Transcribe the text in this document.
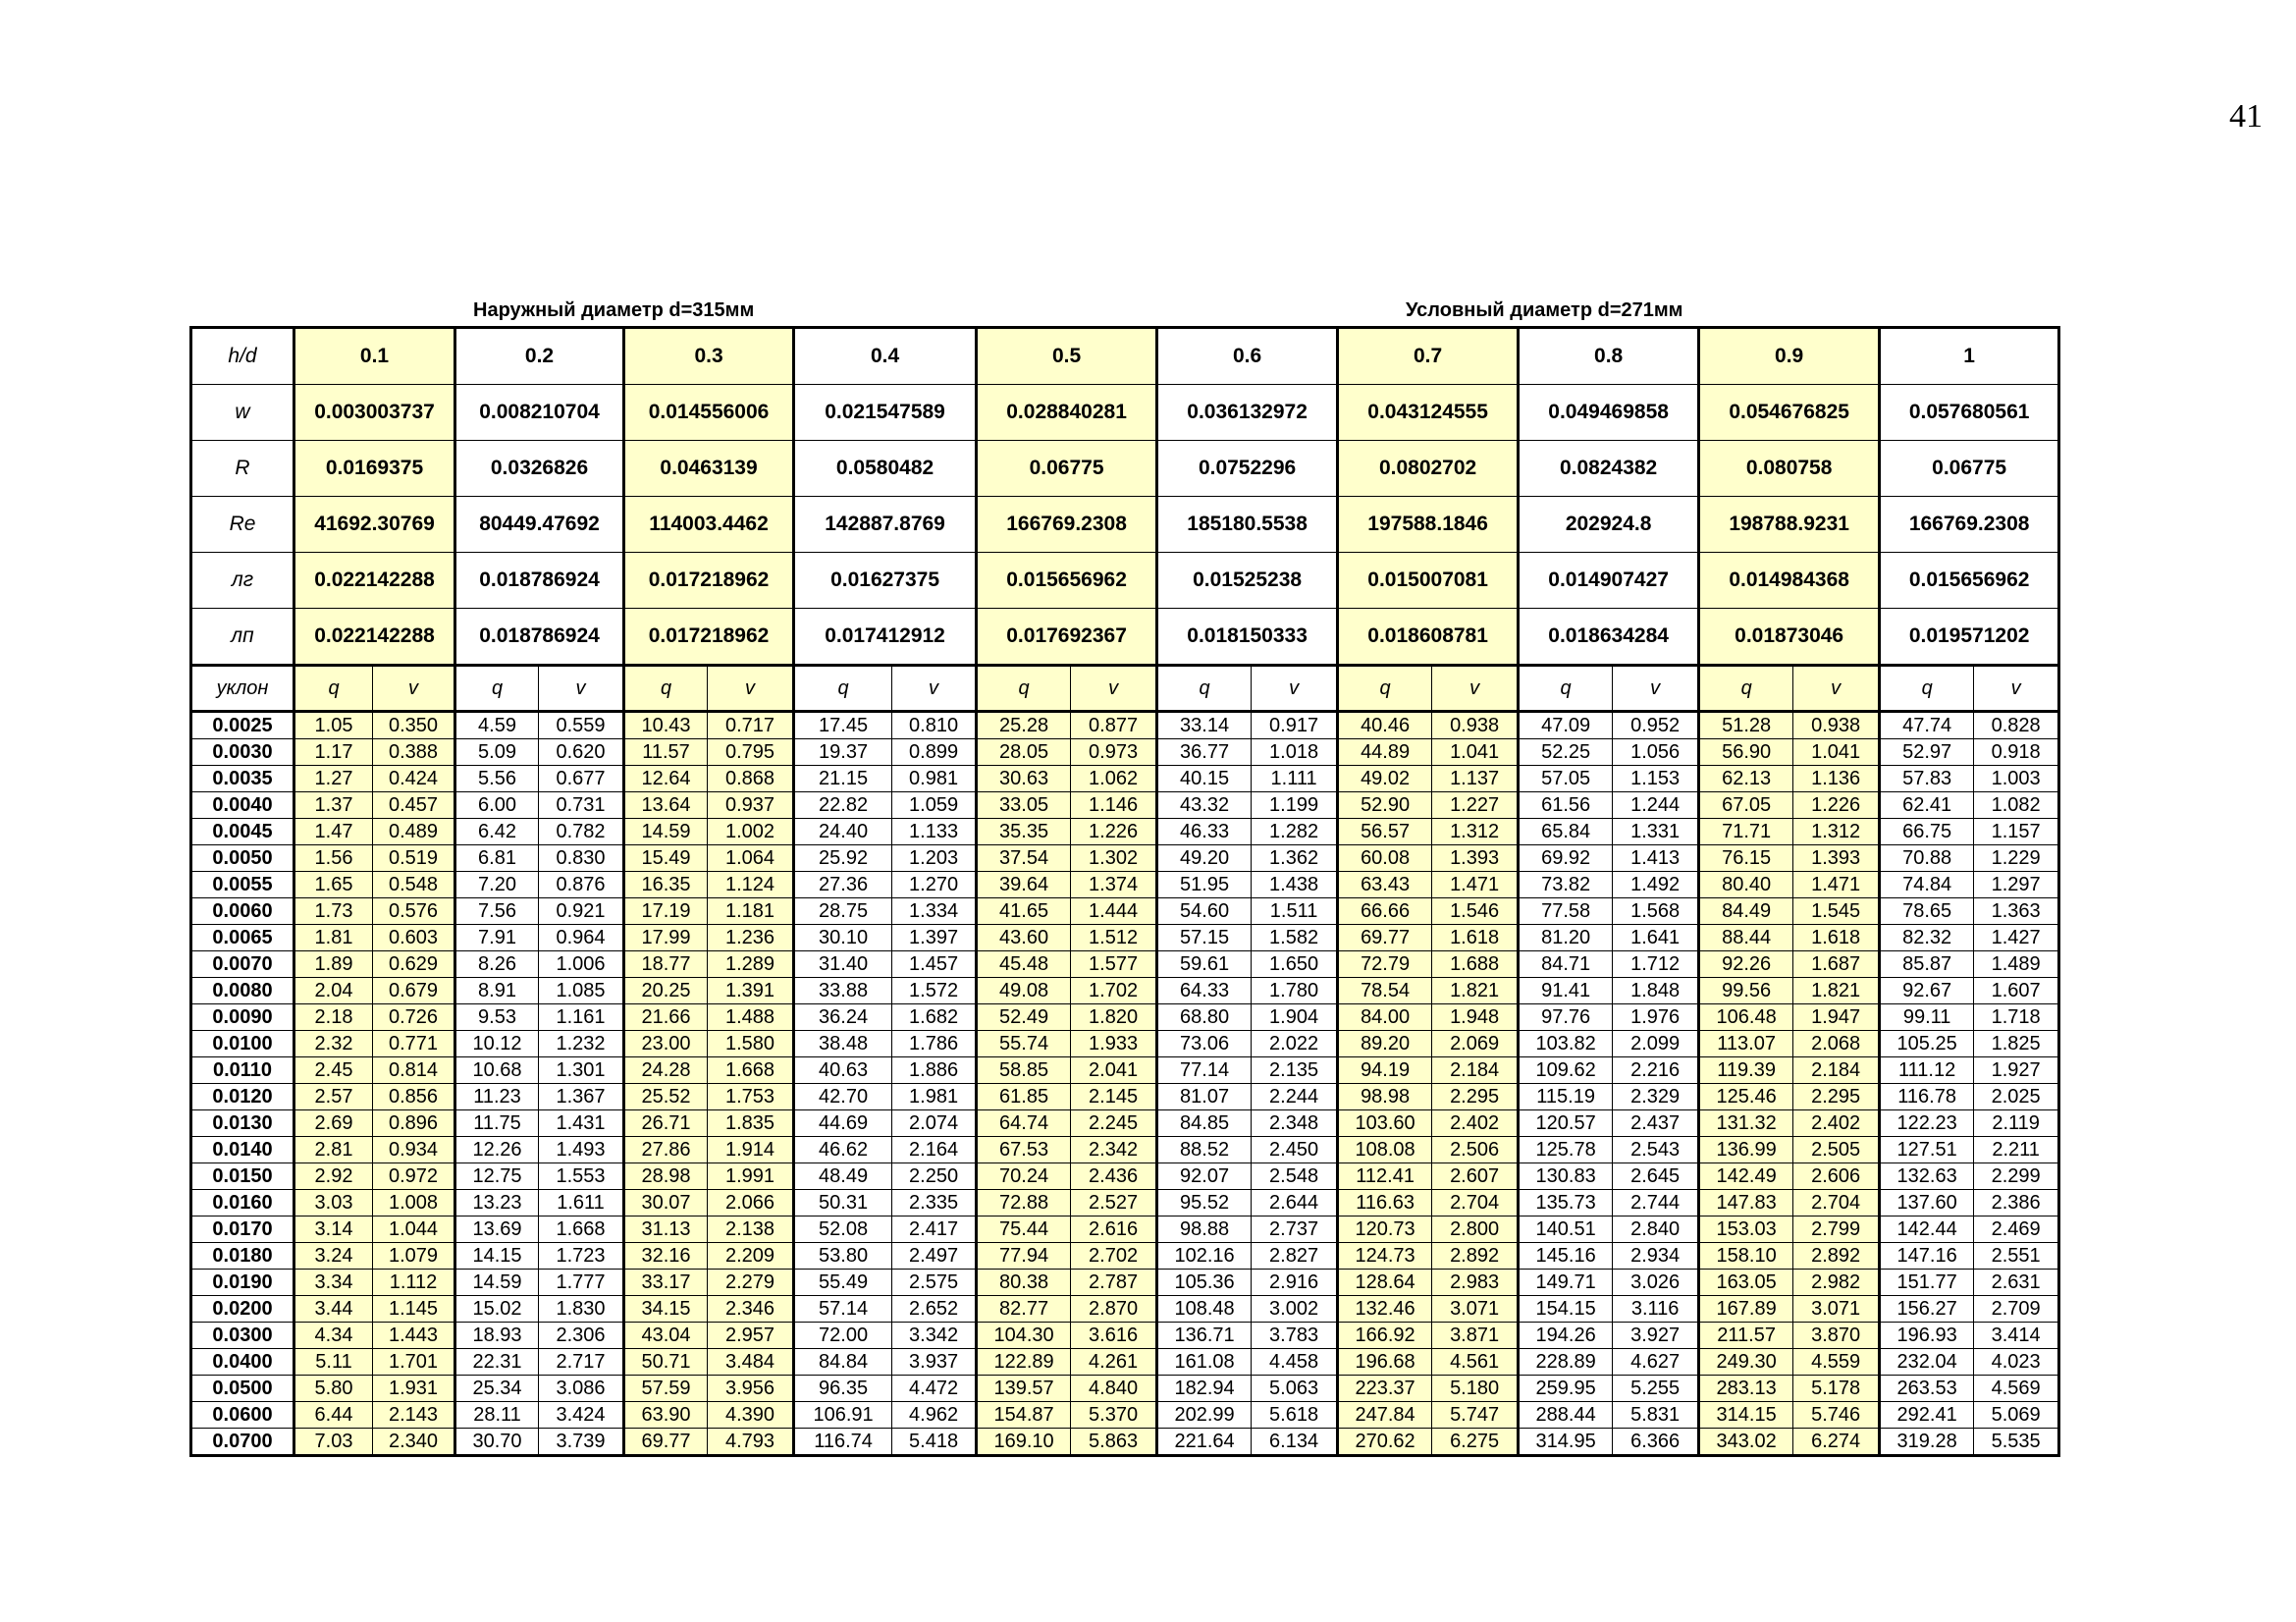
41
Наружный диаметр d=315мм	Условный диаметр d=271мм
h/d	0.1		0.2		0.3		0.4		0.5		0.6		0.7		0.8		0.9		1	
w	0.003003737		0.008210704		0.014556006		0.021547589		0.028840281		0.036132972		0.043124555		0.049469858		0.054676825		0.057680561	
R	0.0169375		0.0326826		0.0463139		0.0580482		0.06775		0.0752296		0.0802702		0.0824382		0.080758		0.06775	
Re	41692.30769		80449.47692		114003.4462		142887.8769		166769.2308		185180.5538		197588.1846		202924.8		198788.9231		166769.2308	
лг	0.022142288		0.018786924		0.017218962		0.01627375		0.015656962		0.01525238		0.015007081		0.014907427		0.014984368		0.015656962	
лп	0.022142288		0.018786924		0.017218962		0.017412912		0.017692367		0.018150333		0.018608781		0.018634284		0.01873046		0.019571202	
уклон	q	v	q	v	q	v	q	v	q	v	q	v	q	v	q	v	q	v	q	v
0.0025	1.05	0.350	4.59	0.559	10.43	0.717	17.45	0.810	25.28	0.877	33.14	0.917	40.46	0.938	47.09	0.952	51.28	0.938	47.74	0.828
0.0030	1.17	0.388	5.09	0.620	11.57	0.795	19.37	0.899	28.05	0.973	36.77	1.018	44.89	1.041	52.25	1.056	56.90	1.041	52.97	0.918
0.0035	1.27	0.424	5.56	0.677	12.64	0.868	21.15	0.981	30.63	1.062	40.15	1.111	49.02	1.137	57.05	1.153	62.13	1.136	57.83	1.003
0.0040	1.37	0.457	6.00	0.731	13.64	0.937	22.82	1.059	33.05	1.146	43.32	1.199	52.90	1.227	61.56	1.244	67.05	1.226	62.41	1.082
0.0045	1.47	0.489	6.42	0.782	14.59	1.002	24.40	1.133	35.35	1.226	46.33	1.282	56.57	1.312	65.84	1.331	71.71	1.312	66.75	1.157
0.0050	1.56	0.519	6.81	0.830	15.49	1.064	25.92	1.203	37.54	1.302	49.20	1.362	60.08	1.393	69.92	1.413	76.15	1.393	70.88	1.229
0.0055	1.65	0.548	7.20	0.876	16.35	1.124	27.36	1.270	39.64	1.374	51.95	1.438	63.43	1.471	73.82	1.492	80.40	1.471	74.84	1.297
0.0060	1.73	0.576	7.56	0.921	17.19	1.181	28.75	1.334	41.65	1.444	54.60	1.511	66.66	1.546	77.58	1.568	84.49	1.545	78.65	1.363
0.0065	1.81	0.603	7.91	0.964	17.99	1.236	30.10	1.397	43.60	1.512	57.15	1.582	69.77	1.618	81.20	1.641	88.44	1.618	82.32	1.427
0.0070	1.89	0.629	8.26	1.006	18.77	1.289	31.40	1.457	45.48	1.577	59.61	1.650	72.79	1.688	84.71	1.712	92.26	1.687	85.87	1.489
0.0080	2.04	0.679	8.91	1.085	20.25	1.391	33.88	1.572	49.08	1.702	64.33	1.780	78.54	1.821	91.41	1.848	99.56	1.821	92.67	1.607
0.0090	2.18	0.726	9.53	1.161	21.66	1.488	36.24	1.682	52.49	1.820	68.80	1.904	84.00	1.948	97.76	1.976	106.48	1.947	99.11	1.718
0.0100	2.32	0.771	10.12	1.232	23.00	1.580	38.48	1.786	55.74	1.933	73.06	2.022	89.20	2.069	103.82	2.099	113.07	2.068	105.25	1.825
0.0110	2.45	0.814	10.68	1.301	24.28	1.668	40.63	1.886	58.85	2.041	77.14	2.135	94.19	2.184	109.62	2.216	119.39	2.184	111.12	1.927
0.0120	2.57	0.856	11.23	1.367	25.52	1.753	42.70	1.981	61.85	2.145	81.07	2.244	98.98	2.295	115.19	2.329	125.46	2.295	116.78	2.025
0.0130	2.69	0.896	11.75	1.431	26.71	1.835	44.69	2.074	64.74	2.245	84.85	2.348	103.60	2.402	120.57	2.437	131.32	2.402	122.23	2.119
0.0140	2.81	0.934	12.26	1.493	27.86	1.914	46.62	2.164	67.53	2.342	88.52	2.450	108.08	2.506	125.78	2.543	136.99	2.505	127.51	2.211
0.0150	2.92	0.972	12.75	1.553	28.98	1.991	48.49	2.250	70.24	2.436	92.07	2.548	112.41	2.607	130.83	2.645	142.49	2.606	132.63	2.299
0.0160	3.03	1.008	13.23	1.611	30.07	2.066	50.31	2.335	72.88	2.527	95.52	2.644	116.63	2.704	135.73	2.744	147.83	2.704	137.60	2.386
0.0170	3.14	1.044	13.69	1.668	31.13	2.138	52.08	2.417	75.44	2.616	98.88	2.737	120.73	2.800	140.51	2.840	153.03	2.799	142.44	2.469
0.0180	3.24	1.079	14.15	1.723	32.16	2.209	53.80	2.497	77.94	2.702	102.16	2.827	124.73	2.892	145.16	2.934	158.10	2.892	147.16	2.551
0.0190	3.34	1.112	14.59	1.777	33.17	2.279	55.49	2.575	80.38	2.787	105.36	2.916	128.64	2.983	149.71	3.026	163.05	2.982	151.77	2.631
0.0200	3.44	1.145	15.02	1.830	34.15	2.346	57.14	2.652	82.77	2.870	108.48	3.002	132.46	3.071	154.15	3.116	167.89	3.071	156.27	2.709
0.0300	4.34	1.443	18.93	2.306	43.04	2.957	72.00	3.342	104.30	3.616	136.71	3.783	166.92	3.871	194.26	3.927	211.57	3.870	196.93	3.414
0.0400	5.11	1.701	22.31	2.717	50.71	3.484	84.84	3.937	122.89	4.261	161.08	4.458	196.68	4.561	228.89	4.627	249.30	4.559	232.04	4.023
0.0500	5.80	1.931	25.34	3.086	57.59	3.956	96.35	4.472	139.57	4.840	182.94	5.063	223.37	5.180	259.95	5.255	283.13	5.178	263.53	4.569
0.0600	6.44	2.143	28.11	3.424	63.90	4.390	106.91	4.962	154.87	5.370	202.99	5.618	247.84	5.747	288.44	5.831	314.15	5.746	292.41	5.069
0.0700	7.03	2.340	30.70	3.739	69.77	4.793	116.74	5.418	169.10	5.863	221.64	6.134	270.62	6.275	314.95	6.366	343.02	6.274	319.28	5.535
